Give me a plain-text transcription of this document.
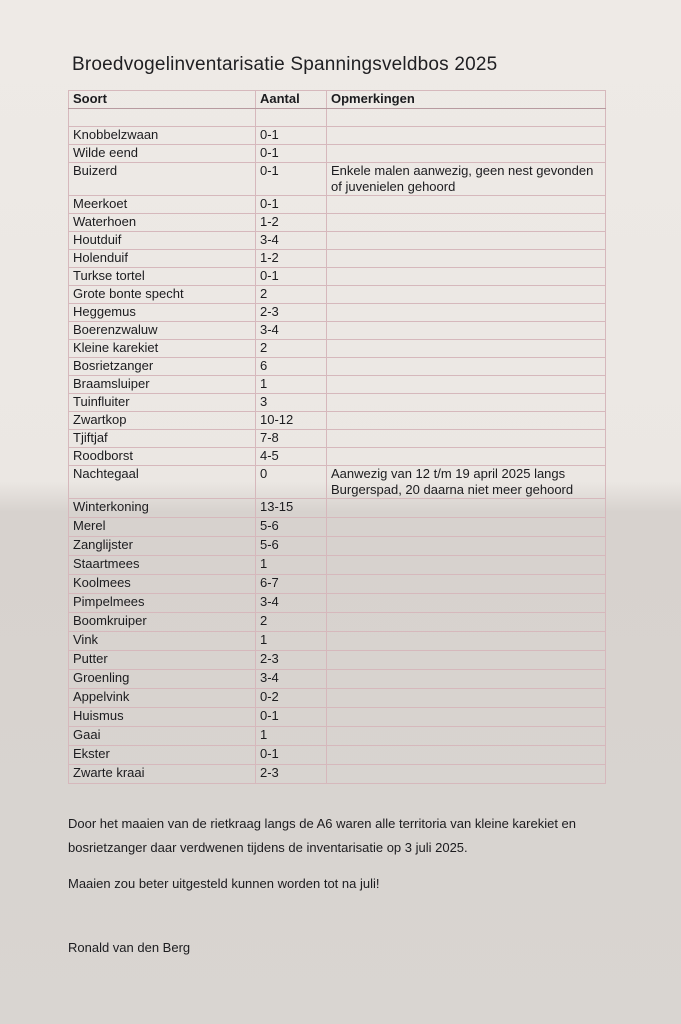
Broedvogelinventarisatie Spanningsveldbos 2025
Soort	Aantal	Opmerkingen

Knobbelzwaan	0-1	
Wilde eend	0-1	
Buizerd	0-1	Enkele malen aanwezig, geen nest gevonden of juvenielen gehoord
Meerkoet	0-1	
Waterhoen	1-2	
Houtduif	3-4	
Holenduif	1-2	
Turkse tortel	0-1	
Grote bonte specht	2	
Heggemus	2-3	
Boerenzwaluw	3-4	
Kleine karekiet	2	
Bosrietzanger	6	
Braamsluiper	1	
Tuinfluiter	3	
Zwartkop	10-12	
Tjiftjaf	7-8	
Roodborst	4-5	
Nachtegaal	0	Aanwezig van 12 t/m 19 april 2025 langs Burgerspad, 20 daarna niet meer gehoord
Winterkoning	13-15	
Merel	5-6	
Zanglijster	5-6	
Staartmees	1	
Koolmees	6-7	
Pimpelmees	3-4	
Boomkruiper	2	
Vink	1	
Putter	2-3	
Groenling	3-4	
Appelvink	0-2	
Huismus	0-1	
Gaai	1	
Ekster	0-1	
Zwarte kraai	2-3	
Door het maaien van de rietkraag langs de A6 waren alle territoria van kleine karekiet en bosrietzanger daar verdwenen tijdens de inventarisatie op 3 juli 2025.
Maaien zou beter uitgesteld kunnen worden tot na juli!
Ronald van den Berg
